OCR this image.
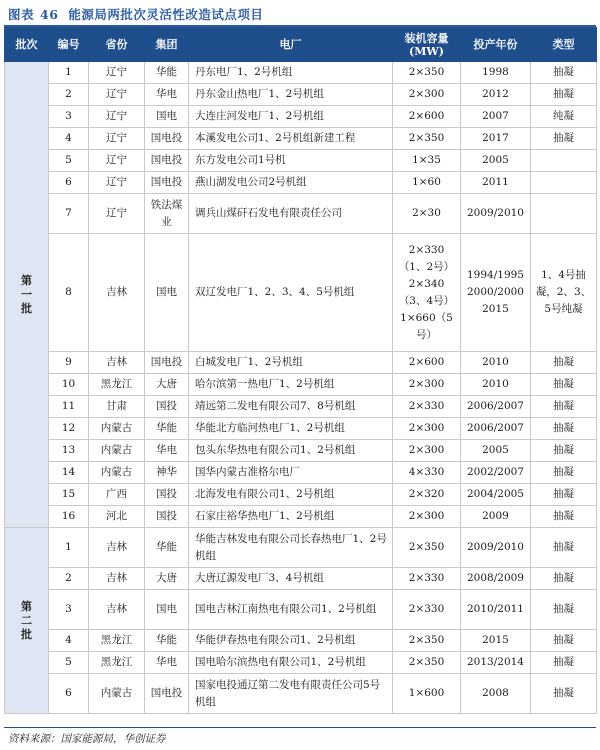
图表 46 能源局两批次灵活性改造试点项目
批次	编号	省份	集团	电厂	装机容量 (MW)	投产年份	类型

第
一
批	1	辽宁	华能	丹东电厂1、2号机组	2×350	1998	抽凝
	2	辽宁	华电	丹东金山热电厂1、2号机组	2×300	2012	抽凝
	3	辽宁	国电	大连庄河发电厂1、2号机组	2×600	2007	纯凝
	4	辽宁	国电投	本溪发电公司1、2号机组新建工程	2×350	2017	抽凝
	5	辽宁	国电投	东方发电公司1号机	1×35	2005	
	6	辽宁	国电投	燕山湖发电公司2号机组	1×60	2011	
	7	辽宁	铁法煤业	调兵山煤矸石发电有限责任公司	2×30	2009/2010	
	8	吉林	国电	双辽发电厂1、2、3、4、5号机组	2×330（1、2号）2×340（3、4号）1×660（5号）	1994/1995 2000/2000 2015	1、4号抽凝，2、3、5号纯凝
	9	吉林	国电投	白城发电厂1、2号机组	2×600	2010	抽凝
	10	黑龙江	大唐	哈尔滨第一热电厂1、2号机组	2×300	2010	抽凝
	11	甘肃	国投	靖远第二发电有限公司7、8号机组	2×330	2006/2007	抽凝
	12	内蒙古	华能	华能北方临河热电厂1、2号机组	2×300	2006/2007	抽凝
	13	内蒙古	华电	包头东华热电有限公司1、2号机组	2×300	2005	抽凝
	14	内蒙古	神华	国华内蒙古准格尔电厂	4×330	2002/2007	抽凝
	15	广西	国投	北海发电有限公司1、2号机组	2×320	2004/2005	抽凝
	16	河北	国投	石家庄裕华热电厂1、2号机组	2×300	2009	抽凝

第
二
批	1	吉林	华能	华能吉林发电有限公司长春热电厂1、2号机组	2×350	2009/2010	抽凝
	2	吉林	大唐	大唐辽源发电厂3、4号机组	2×330	2008/2009	抽凝
	3	吉林	国电	国电吉林江南热电有限公司1、2号机组	2×330	2010/2011	抽凝
	4	黑龙江	华能	华能伊春热电有限公司1、2号机组	2×350	2015	抽凝
	5	黑龙江	华电	国电哈尔滨热电有限公司1、2号机组	2×350	2013/2014	抽凝
	6	内蒙古	国电投	国家电投通辽第二发电有限责任公司5号机组	1×600	2008	抽凝
资料来源：国家能源局，华创证券
